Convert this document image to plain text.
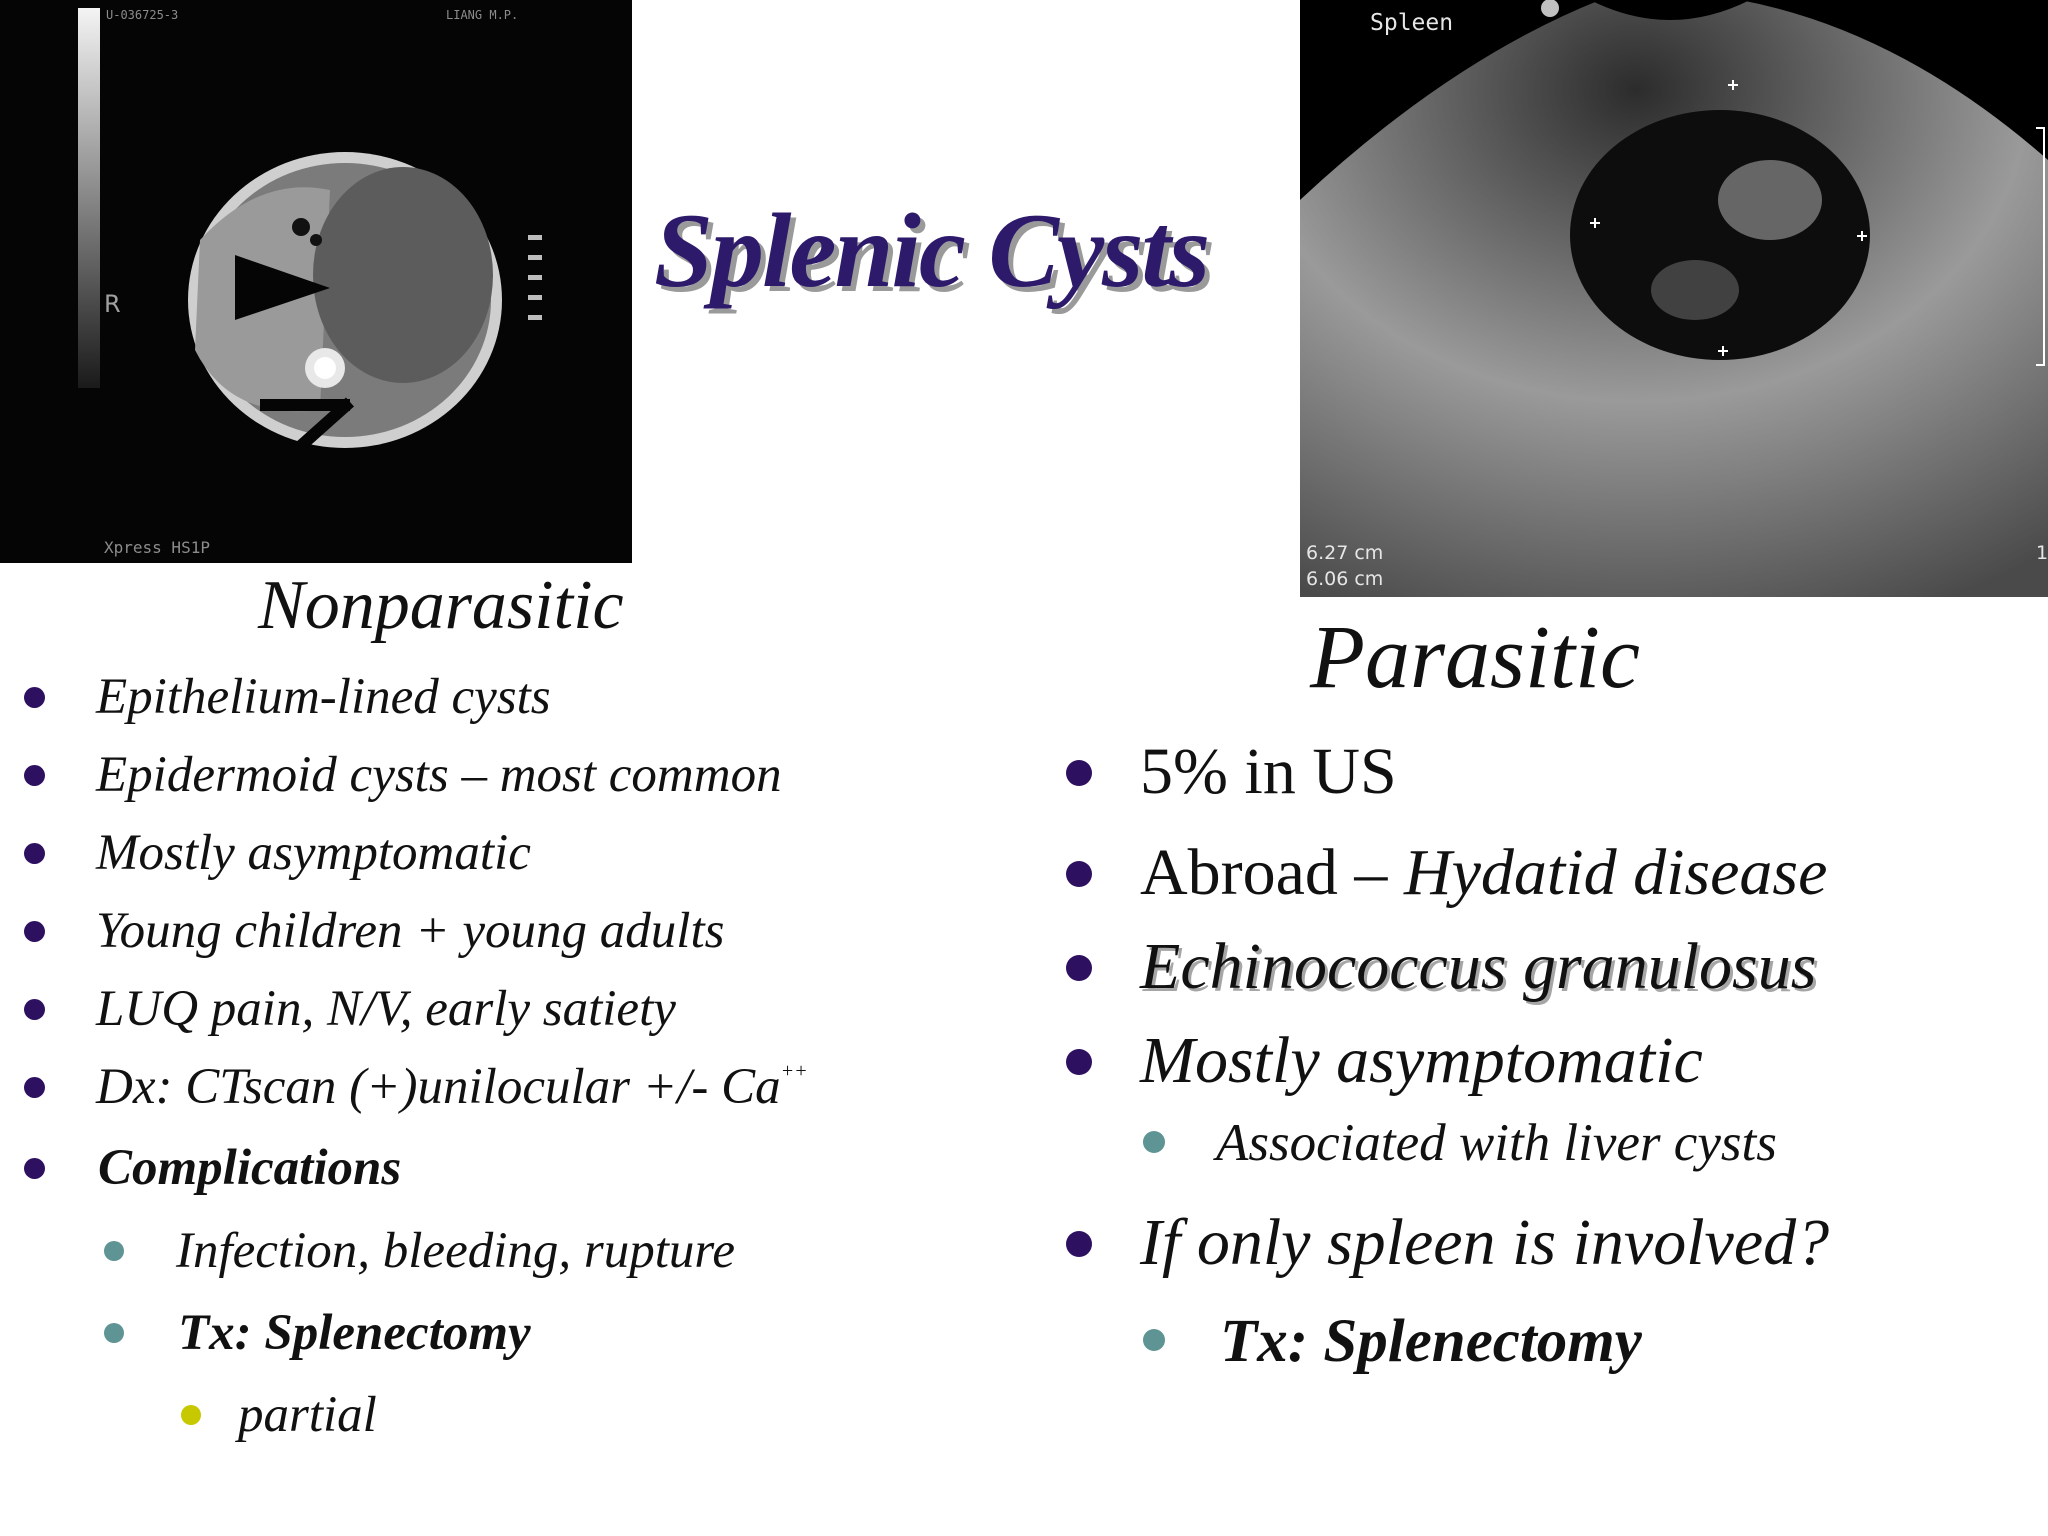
U-036725-3	LIANG M.P.
R
Xpress HS1P
Spleen
6.27 cm
6.06 cm
1
Splenic Cysts
Nonparasitic
Parasitic
Epithelium-lined cysts
Epidermoid cysts – most common
Mostly asymptomatic
Young children + young adults
LUQ pain, N/V, early satiety
Dx: CTscan (+)unilocular +/- Ca++
Complications
Infection, bleeding, rupture
Tx: Splenectomy
partial
5% in US
Abroad – Hydatid disease
Echinococcus granulosus
Mostly asymptomatic
Associated with liver cysts
If only spleen is involved?
Tx: Splenectomy
